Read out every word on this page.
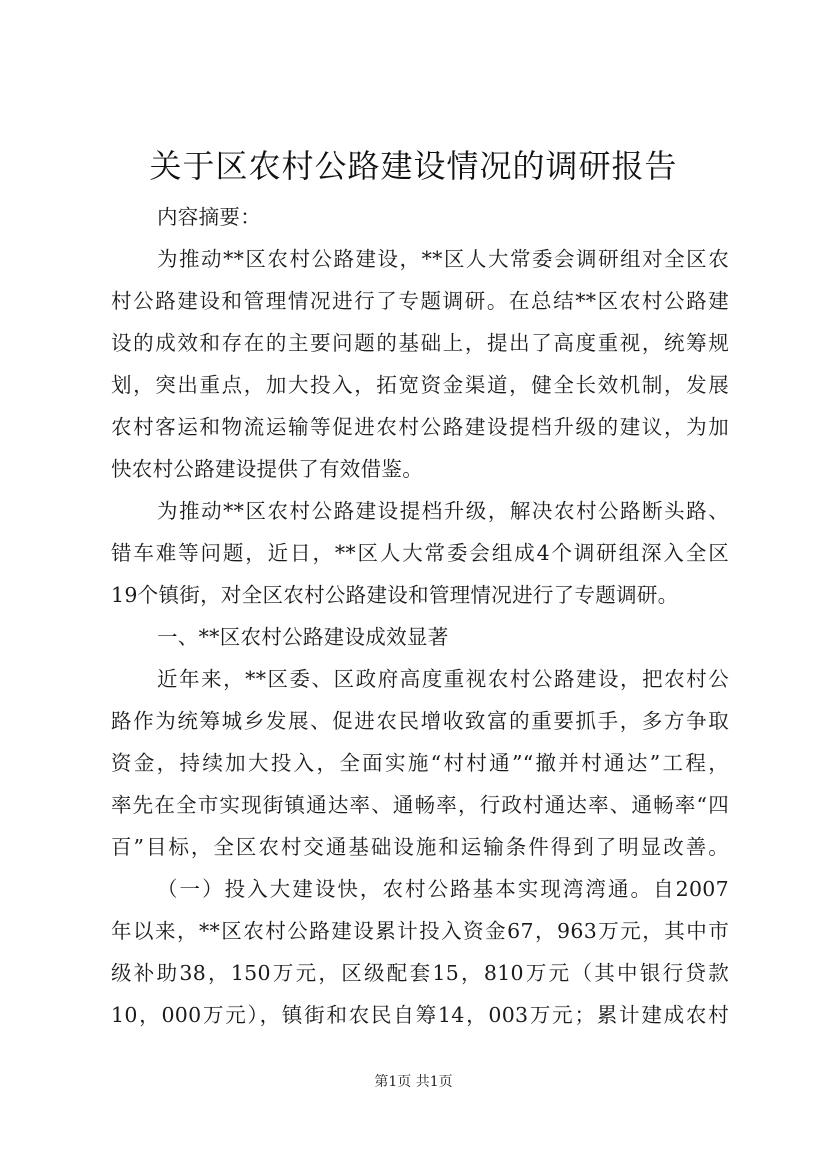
关于区农村公路建设情况的调研报告
内容摘要：
为推动**区农村公路建设，**区人大常委会调研组对全区农
村公路建设和管理情况进行了专题调研。在总结**区农村公路建
设的成效和存在的主要问题的基础上，提出了高度重视，统筹规
划，突出重点，加大投入，拓宽资金渠道，健全长效机制，发展
农村客运和物流运输等促进农村公路建设提档升级的建议，为加
快农村公路建设提供了有效借鉴。
为推动**区农村公路建设提档升级，解决农村公路断头路、
错车难等问题，近日，**区人大常委会组成4个调研组深入全区
19个镇街，对全区农村公路建设和管理情况进行了专题调研。
一、**区农村公路建设成效显著
近年来，**区委、区政府高度重视农村公路建设，把农村公
路作为统筹城乡发展、促进农民增收致富的重要抓手，多方争取
资金，持续加大投入，全面实施“村村通”“撤并村通达”工程，
率先在全市实现街镇通达率、通畅率，行政村通达率、通畅率“四
百”目标，全区农村交通基础设施和运输条件得到了明显改善。
（一）投入大建设快，农村公路基本实现湾湾通。自2007
年以来，**区农村公路建设累计投入资金67，963万元，其中市
级补助38，150万元，区级配套15，810万元（其中银行贷款
10，000万元），镇街和农民自筹14，003万元；累计建成农村
第1页 共1页
